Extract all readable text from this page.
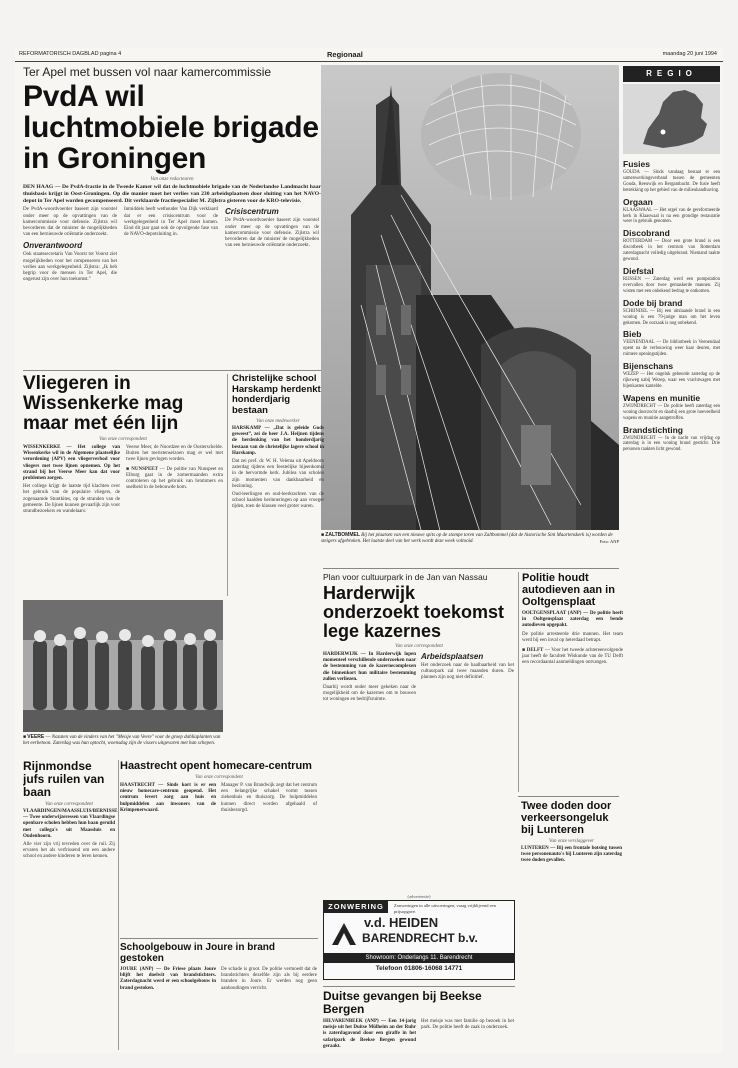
REFORMATORISCH DAGBLAD pagina 4	Regionaal	maandag 20 juni 1994

Ter Apel met bussen vol naar kamercommissie

PvdA wil luchtmobiele brigade in Groningen
Van onze redacteuren

DEN HAAG — De PvdA-fractie in de Tweede Kamer wil dat de luchtmobiele brigade van de Nederlandse Landmacht haar thuisbasis krijgt in Oost-Groningen. Op die manier moet het verlies van 230 arbeidsplaatsen door sluiting van het NAVO-depot in Ter Apel worden gecompenseerd. Dit verklaarde fractiespecialist M. Zijlstra gisteren voor de KRO-televisie.

De PvdA-woordvoerder baseert zijn voorstel onder meer op de opvattingen van de kamercommissie voor defensie. Zijlstra wil bevorderen dat de minister de mogelijkheden van een hernieuwde oriëntatie onderzoekt.

Onverantwoord

Ook staatssecretaris Van Voorst tot Voorst ziet mogelijkheden voor het compenseren van het verlies aan werkgelegenheid. Zijlstra: „Ik heb begrip voor de mensen in Ter Apel, die ongerust zijn over hun toekomst.”

Inmiddels heeft wethouder Van Dijk verklaard dat er een crisiscentrum voor de werkgelegenheid in Ter Apel moet komen. Eind dit jaar gaat ook de opvolgende fase van de NAVO-depotsluiting in.

Crisiscentrum

De PvdA-woordvoerder baseert zijn voorstel onder meer op de opvattingen van de kamercommissie voor defensie. Zijlstra wil bevorderen dat de minister de mogelijkheden van een hernieuwde oriëntatie onderzoekt.

■ ZALTBOMMEL Bij het plaatsen van een nieuwe spits op de stompe toren van Zaltbommel (dat de historische Sint Maartenskerk is) worden de steigers afgebroken. Het laatste deel van het werk wordt deze week voltooid.	Foto: ANP
REGIO
Fusies

GOUDA — Sinds vandaag bestaat er een samenwerkingsverband tussen de gemeenten Gouda, Reeuwijk en Bergambacht. De fusie heeft betrekking op het gebied van de milieuhandhaving.

Orgaan

KLAASWAAL — Het orgel van de gereformeerde kerk in Klaaswaal is na een grondige restauratie weer in gebruik genomen.

Discobrand

ROTTERDAM — Door een grote brand is een discotheek in het centrum van Rotterdam zaterdagnacht volledig uitgebrand. Niemand raakte gewond.

Diefstal

RIJSSEN — Zaterdag werd een pompstation overvallen door twee gemaskerde mannen. Zij wisten met een onbekend bedrag te ontkomen.

Dode bij brand

SCHIJNDEL — Bij een uitslaande brand in een woning is een 79-jarige man om het leven gekomen. De oorzaak is nog onbekend.

Bieb

VEENENDAAL — De bibliotheek in Veenendaal opent na de verbouwing weer haar deuren, met ruimere openingstijden.

Bijenschans

WEZEP — Het ongeluk gebeurde zaterdag op de rijksweg nabij Wezep, waar een vrachtwagen met bijenkasten kantelde.

Wapens en munitie

ZWIJNDRECHT — De politie heeft zaterdag een woning doorzocht en daarbij een grote hoeveelheid wapens en munitie aangetroffen.

Brandstichting

ZWIJNDRECHT — In de nacht van vrijdag op zaterdag is in een woning brand gesticht. Drie personen raakten licht gewond.

Vliegeren in Wissenkerke mag maar met één lijn
Van onze correspondent

WISSENKERKE — Het college van Wissenkerke wil in de Algemene plaatselijke verordening (APV) een vliegerverbod voor vliegers met twee lijnen opnemen. Op het strand bij het Veerse Meer kan dat voor problemen zorgen.

Het college krijgt de laatste tijd klachten over het gebruik van de populaire vliegers, de zogenaamde Stuntkites, op de stranden van de gemeente. De lijnen kunnen gevaarlijk zijn voor strandbezoekers en wandelaars.

Veerse Meer, de Noordzee en de Oosterschelde. Buiten het toeristenseizoen mag er wel met twee lijnen gevlogen worden.

■ NUNSPEET — De politie van Nunspeet en Elburg gaat in de zomermaanden extra controleren op het gebruik van brommers en snelheid in de bebouwde kom.

Christelijke school Harskamp herdenkt honderdjarig bestaan
Van onze medewerker

HARSKAMP — „Dat is geleide Gods geweest”, zei de heer J.A. Heijnen tijdens de herdenking van het honderdjarig bestaan van de christelijke lagere school in Harskamp.

Dat zei pref. dr. W. H. Velema uit Apeldoorn zaterdag tijdens een feestelijke bijeenkomst in de hervormde kerk. Jubilea van scholen zijn momenten van dankbaarheid en bezinning.

Oud-leerlingen en oud-leerkrachten van de school haalden herinneringen op aan vroeger tijden, toen de klassen veel groter waren.

■ VEERE — Nazaten van de vinders van het "Meisje van Veere" voor de groep dahliaplanten van het eerbetoon. Zaterdag was hun optocht, woensdag zijn de vissers uitgevaren met hun schepen.
Rijnmondse jufs ruilen van baan
Van onze correspondent

VLAARDINGEN/MAASSLUIS/BERNISSE — Twee onderwijzeressen van Vlaardingse openbare scholen hebben hun baan geruild met collega's uit Maassluis en Oudenhoorn.

Alle vier zijn vrij tevreden over de ruil. Zij ervaren het als verfrissend om een andere school en andere kinderen te leren kennen.

Haastrecht opent homecare-centrum
Van onze correspondent

HAASTRECHT — Sinds kort is er een nieuw homecare-centrum geopend. Het centrum levert zorg aan huis en hulpmiddelen aan inwoners van de Krimpenerwaard.

Manager P. van Brandwijk zegt dat het centrum een belangrijke schakel vormt tussen ziekenhuis en thuiszorg. De hulpmiddelen kunnen direct worden afgehaald of thuisbezorgd.

Schoolgebouw in Joure in brand gestoken

JOURE (ANP) — De Friese plaats Joure blijft het doelwit van brandstichters. Zaterdagnacht werd er een schoolgebouw in brand gestoken.

De schade is groot. De politie vermoedt dat de brandstichters dezelfde zijn als bij eerdere branden in Joure. Er werden nog geen aanhoudingen verricht.

Plan voor cultuurpark in de Jan van Nassau

Harderwijk onderzoekt toekomst lege kazernes
Van onze correspondent

HARDERWIJK — In Harderwijk lopen momenteel verschillende onderzoeken naar de bestemming van de kazernecomplexen die binnenkort hun militaire bestemming zullen verliezen.

Daarbij wordt onder meer gekeken naar de mogelijkheid om de kazernes om te bouwen tot woningen en bedrijfsruimte.

Arbeidsplaatsen

Het onderzoek naar de haalbaarheid van het cultuurpark zal twee maanden duren. De plannen zijn nog niet definitief.

Politie houdt autodieven aan in Ooltgensplaat

OOLTGENSPLAAT (ANP) — De politie heeft in Ooltgensplaat zaterdag een bende autodieven opgepakt.

De politie arresteerde drie mannen. Het team werd bij een inval op heterdaad betrapt.

■ DELFT — Voor het tweede achtereenvolgende jaar heeft de faculteit Wiskunde van de TU Delft een recordaantal aanmeldingen ontvangen.

Twee doden door verkeersongeluk bij Lunteren
Van onze verslaggever

LUNTEREN — Bij een frontale botsing tussen twee personenauto's bij Lunteren zijn zaterdag twee doden gevallen.

(advertentie)
ZONWERING	Zonweringen in alle uitvoeringen, vraag vrijblijvend een prijsopgave.
v.d. HEIDEN
BARENDRECHT b.v.
Showroom: Onderlangs 11. Barendrecht
Telefoon 01806-16068 14771
Duitse gevangen bij Beekse Bergen

HILVARENBEEK (ANP) — Een 14-jarig meisje uit het Duitse Mülheim an der Ruhr is zaterdagavond door een giraffe in het safaripark de Beekse Bergen gewond geraakt.

Het meisje was met familie op bezoek in het park. De politie heeft de zaak in onderzoek.
